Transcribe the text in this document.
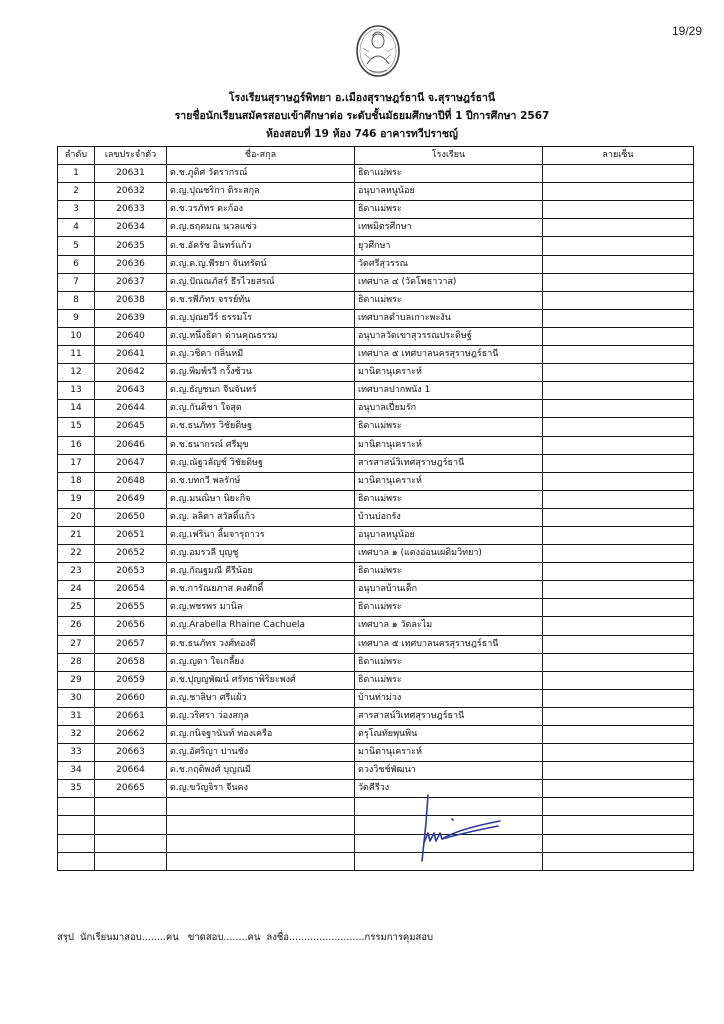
19/29
โรงเรียนสุราษฎร์พิทยา อ.เมืองสุราษฎร์ธานี จ.สุราษฎร์ธานี
รายชื่อนักเรียนสมัครสอบเข้าศึกษาต่อ ระดับชั้นมัธยมศึกษาปีที่ 1 ปีการศึกษา 2567
ห้องสอบที่ 19 ห้อง 746 อาคารทวีปราชญ์
ลำดับ	เลขประจำตัว	ชื่อ-สกุล	โรงเรียน	ลายเซ็น
1	20631	ด.ช.ภูดิศ วัตรากรณ์	ธิดาแม่พระ	
2	20632	ด.ญ.ปุณชริกา ติระสกุล	อนุบาลหนูน้อย	
3	20633	ด.ช.วรภัทร ตะก้อง	ธิดาแม่พระ	
4	20634	ด.ญ.ธฤตมณ นวลแซ่ว	เทพมิตรศึกษา	
5	20635	ด.ช.อัครัช อินทร์แก้ว	ยุวศึกษา	
6	20636	ด.ญ.ด.ญ.พีรยา จันทรัตน์	วัดศรีสุวรรณ	
7	20637	ด.ญ.ปัณณภัสร์ ธีรไวยสรณ์	เทศบาล ๔ (วัดโพธาวาส)	
8	20638	ด.ช.รพีภัทร จรรย์ทัน	ธิดาแม่พระ	
9	20639	ด.ญ.ปุณยวีร์ ธรรมโร	เทศบาลตำบลเกาะพะงัน	
10	20640	ด.ญ.หนึ่งธิดา ด่านคุณธรรม	อนุบาลวัดเขาสุวรรณประดิษฐ์	
11	20641	ด.ญ.วชิดา กลิ่นหมี	เทศบาล ๕ เทศบาลนครสุราษฎร์ธานี	
12	20642	ด.ญ.พิมพ์รวี กวั้งซ้วน	มานิตานุเคราะห์	
13	20643	ด.ญ.ธัญชนก จีนจันทร์	เทศบาลปากพนัง 1	
14	20644	ด.ญ.กันติชา ใจสุด	อนุบาลเปี่ยมรัก	
15	20645	ด.ช.ธนภัทร วิชัยดิษฐ	ธิดาแม่พระ	
16	20646	ด.ช.ธนากรณ์ ศรีมุข	มานิตานุเคราะห์	
17	20647	ด.ญ.ณัฐวลัญช์ วิชัยดิษฐ	สารสาสน์วิเทศสุราษฎร์ธานี	
18	20648	ด.ช.บทกวี พลรักษ์	มานิตานุเคราะห์	
19	20649	ด.ญ.มนณิษา นิยะกิจ	ธิดาแม่พระ	
20	20650	ด.ญ. ลลิตา สวัสดิ์แก้ว	บ้านบ่อกรัง	
21	20651	ด.ญ.เฟรินา ลิ้มจารุถาวร	อนุบาลหนูน้อย	
22	20652	ด.ญ.อมรวลี บุญชู	เทศบาล ๑ (แดงอ่อนเผดิมวิทยา)	
23	20653	ด.ญ.กัณฐมณี คีรีน้อย	ธิดาแม่พระ	
24	20654	ด.ช.การัณยภาส คงศักดิ์	อนุบาลบ้านเด็ก	
25	20655	ด.ญ.พชรพร มานิล	ธิดาแม่พระ	
26	20656	ด.ญ.Arabella Rhaine Cachuela	เทศบาล ๑ วัดละไม	
27	20657	ด.ช.ธนภัทร วงศ์ทองดี	เทศบาล ๕ เทศบาลนครสุราษฎร์ธานี	
28	20658	ด.ญ.ญดา ใจเกลี้ยง	ธิดาแม่พระ	
29	20659	ด.ช.ปุญญพัฒน์ ศรัทธาพิริยะพงศ์	ธิดาแม่พระ	
30	20660	ด.ญ.ชาลิษา ศรีแผ้ว	บ้านท่าม่วง	
31	20661	ด.ญ.วริศรา ว่องสกุล	สารสาสน์วิเทศสุราษฎร์ธานี	
32	20662	ด.ญ.กนิจฐานันท์ ทองเครือ	ดรุโณทัยพุนพิน	
33	20663	ด.ญ.อัศริญา ปานชัง	มานิตานุเคราะห์	
34	20664	ด.ช.กฤติพงศ์ บุญณมี	ดวงวิชช์พัฒนา	
35	20665	ด.ญ.ขวัญจิรา จีนคง	วัดคีรีวง	

สรุป  นักเรียนมาสอบ........คน   ขาดสอบ........คน  ลงชื่อ.........................กรรมการคุมสอบ
